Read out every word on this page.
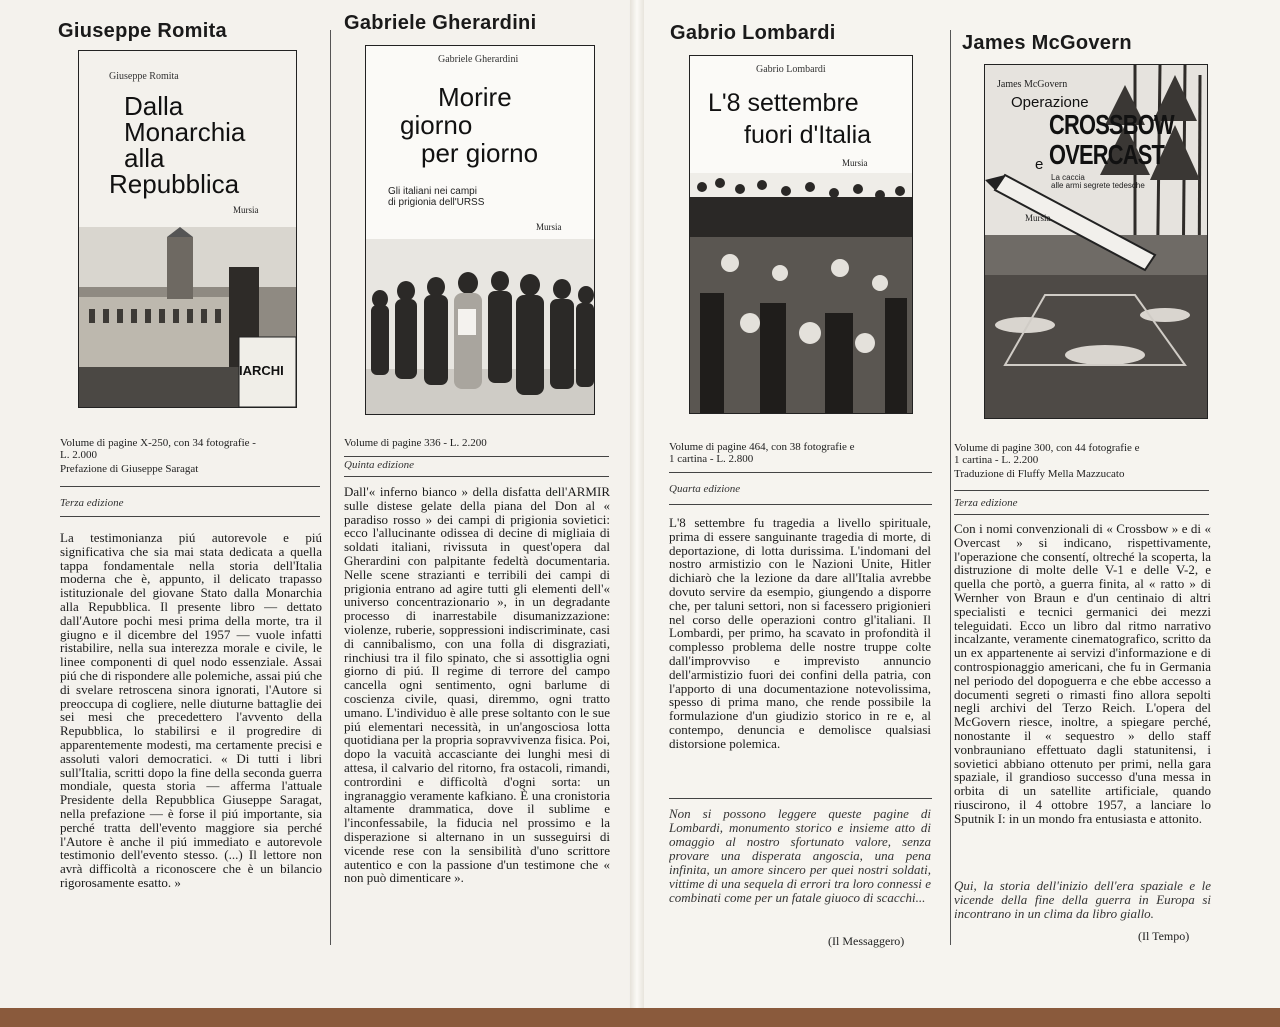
Giuseppe Romita
Giuseppe Romita
Dalla
Monarchia
alla
Repubblica
Mursia
IARCHI
Volume di pagine X-250, con 34 fotografie -
L. 2.000
Prefazione di Giuseppe Saragat
Terza edizione
La testimonianza piú autorevole e piú significativa che sia mai stata dedicata a quella tappa fondamentale nella storia dell'Italia moderna che è, appunto, il delicato trapasso istituzionale del giovane Stato dalla Monarchia alla Repubblica. Il presente libro — dettato dall'Autore pochi mesi prima della morte, tra il giugno e il dicembre del 1957 — vuole infatti ristabilire, nella sua interezza morale e civile, le linee componenti di quel nodo essenziale. Assai piú che di rispondere alle polemiche, assai piú che di svelare retroscena sinora ignorati, l'Autore si preoccupa di cogliere, nelle diuturne battaglie dei sei mesi che precedettero l'avvento della Repubblica, lo stabilirsi e il progredire di apparentemente modesti, ma certamente precisi e assoluti valori democratici. « Di tutti i libri sull'Italia, scritti dopo la fine della seconda guerra mondiale, questa storia — afferma l'attuale Presidente della Repubblica Giuseppe Saragat, nella prefazione — è forse il piú importante, sia perché tratta dell'evento maggiore sia perché l'Autore è anche il piú immediato e autorevole testimonio dell'evento stesso. (...) Il lettore non avrà difficoltà a riconoscere che è un bilancio rigorosamente esatto. »
Gabriele Gherardini
Gabriele Gherardini
Morire
giorno
per giorno
Gli italiani nei campi
di prigionia dell'URSS
Mursia
Volume di pagine 336 - L. 2.200
Quinta edizione
Dall'« inferno bianco » della disfatta dell'ARMIR sulle distese gelate della piana del Don al « paradiso rosso » dei campi di prigionia sovietici: ecco l'allucinante odissea di decine di migliaia di soldati italiani, rivissuta in quest'opera dal Gherardini con palpitante fedeltà documentaria. Nelle scene strazianti e terribili dei campi di prigionia entrano ad agire tutti gli elementi dell'« universo concentrazionario », in un degradante processo di inarrestabile disumanizzazione: violenze, ruberie, soppressioni indiscriminate, casi di cannibalismo, con una folla di disgraziati, rinchiusi tra il filo spinato, che si assottiglia ogni giorno di piú. Il regime di terrore del campo cancella ogni sentimento, ogni barlume di coscienza civile, quasi, diremmo, ogni tratto umano. L'individuo è alle prese soltanto con le sue piú elementari necessità, in un'angosciosa lotta quotidiana per la propria sopravvivenza fisica. Poi, dopo la vacuità accasciante dei lunghi mesi di attesa, il calvario del ritorno, fra ostacoli, rimandi, contrordini e difficoltà d'ogni sorta: un ingranaggio veramente kafkiano. È una cronistoria altamente drammatica, dove il sublime e l'inconfessabile, la fiducia nel prossimo e la disperazione si alternano in un susseguirsi di vicende rese con la sensibilità d'uno scrittore autentico e con la passione d'un testimone che « non può dimenticare ».
Gabrio Lombardi
Gabrio Lombardi
L'8 settembre
fuori d'Italia
Mursia
Volume di pagine 464, con 38 fotografie e
1 cartina - L. 2.800
Quarta edizione
L'8 settembre fu tragedia a livello spirituale, prima di essere sanguinante tragedia di morte, di deportazione, di lotta durissima. L'indomani del nostro armistizio con le Nazioni Unite, Hitler dichiarò che la lezione da dare all'Italia avrebbe dovuto servire da esempio, giungendo a disporre che, per taluni settori, non si facessero prigionieri nel corso delle operazioni contro gl'italiani. Il Lombardi, per primo, ha scavato in profondità il complesso problema delle nostre truppe colte dall'improvviso e imprevisto annuncio dell'armistizio fuori dei confini della patria, con l'apporto di una documentazione notevolissima, spesso di prima mano, che rende possibile la formulazione d'un giudizio storico in re e, al contempo, denuncia e demolisce qualsiasi distorsione polemica.
Non si possono leggere queste pagine di Lombardi, monumento storico e insieme atto di omaggio al nostro sfortunato valore, senza provare una disperata angoscia, una pena infinita, un amore sincero per quei nostri soldati, vittime di una sequela di errori tra loro connessi e combinati come per un fatale giuoco di scacchi...
(Il Messaggero)
James McGovern
James McGovern
Operazione
CROSSBOW
e OVERCAST
La caccia
alle armi segrete tedesche
Mursia
Volume di pagine 300, con 44 fotografie e
1 cartina - L. 2.200
Traduzione di Fluffy Mella Mazzucato
Terza edizione
Con i nomi convenzionali di « Crossbow » e di « Overcast » si indicano, rispettivamente, l'operazione che consentí, oltreché la scoperta, la distruzione di molte delle V-1 e delle V-2, e quella che portò, a guerra finita, al « ratto » di Wernher von Braun e d'un centinaio di altri specialisti e tecnici germanici dei mezzi teleguidati. Ecco un libro dal ritmo narrativo incalzante, veramente cinematografico, scritto da un ex appartenente ai servizi d'informazione e di controspionaggio americani, che fu in Germania nel periodo del dopoguerra e che ebbe accesso a documenti segreti o rimasti fino allora sepolti negli archivi del Terzo Reich. L'opera del McGovern riesce, inoltre, a spiegare perché, nonostante il « sequestro » dello staff vonbrauniano effettuato dagli statunitensi, i sovietici abbiano ottenuto per primi, nella gara spaziale, il grandioso successo d'una messa in orbita di un satellite artificiale, quando riuscirono, il 4 ottobre 1957, a lanciare lo Sputnik I: in un mondo fra entusiasta e attonito.
Qui, la storia dell'inizio dell'era spaziale e le vicende della fine della guerra in Europa si incontrano in un clima da libro giallo.
(Il Tempo)
